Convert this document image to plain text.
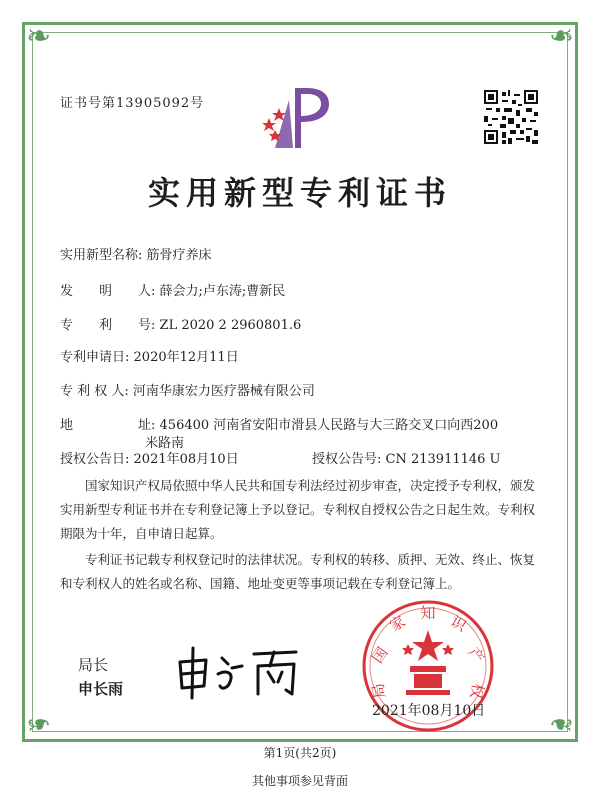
❧	❧
❧	❧
证书号第13905092号
实用新型专利证书
实用新型名称: 筋骨疗养床
发　　明　　人: 薛会力;卢东涛;曹新民
专　　利　　号: ZL 2020 2 2960801.6
专利申请日: 2020年12月11日
专 利 权 人: 河南华康宏力医疗器械有限公司
地　　　　　址: 456400 河南省安阳市滑县人民路与大三路交叉口向西200
米路南
授权公告日: 2021年08月10日	授权公告号: CN 213911146 U
国家知识产权局依照中华人民共和国专利法经过初步审查，决定授予专利权，颁发实用新型专利证书并在专利登记簿上予以登记。专利权自授权公告之日起生效。专利权期限为十年，自申请日起算。
专利证书记载专利权登记时的法律状况。专利权的转移、质押、无效、终止、恢复和专利权人的姓名或名称、国籍、地址变更等事项记载在专利登记簿上。
局长
申长雨
国
家 知 识
产
权
局
2021年08月10日
第1页(共2页)
其他事项参见背面
